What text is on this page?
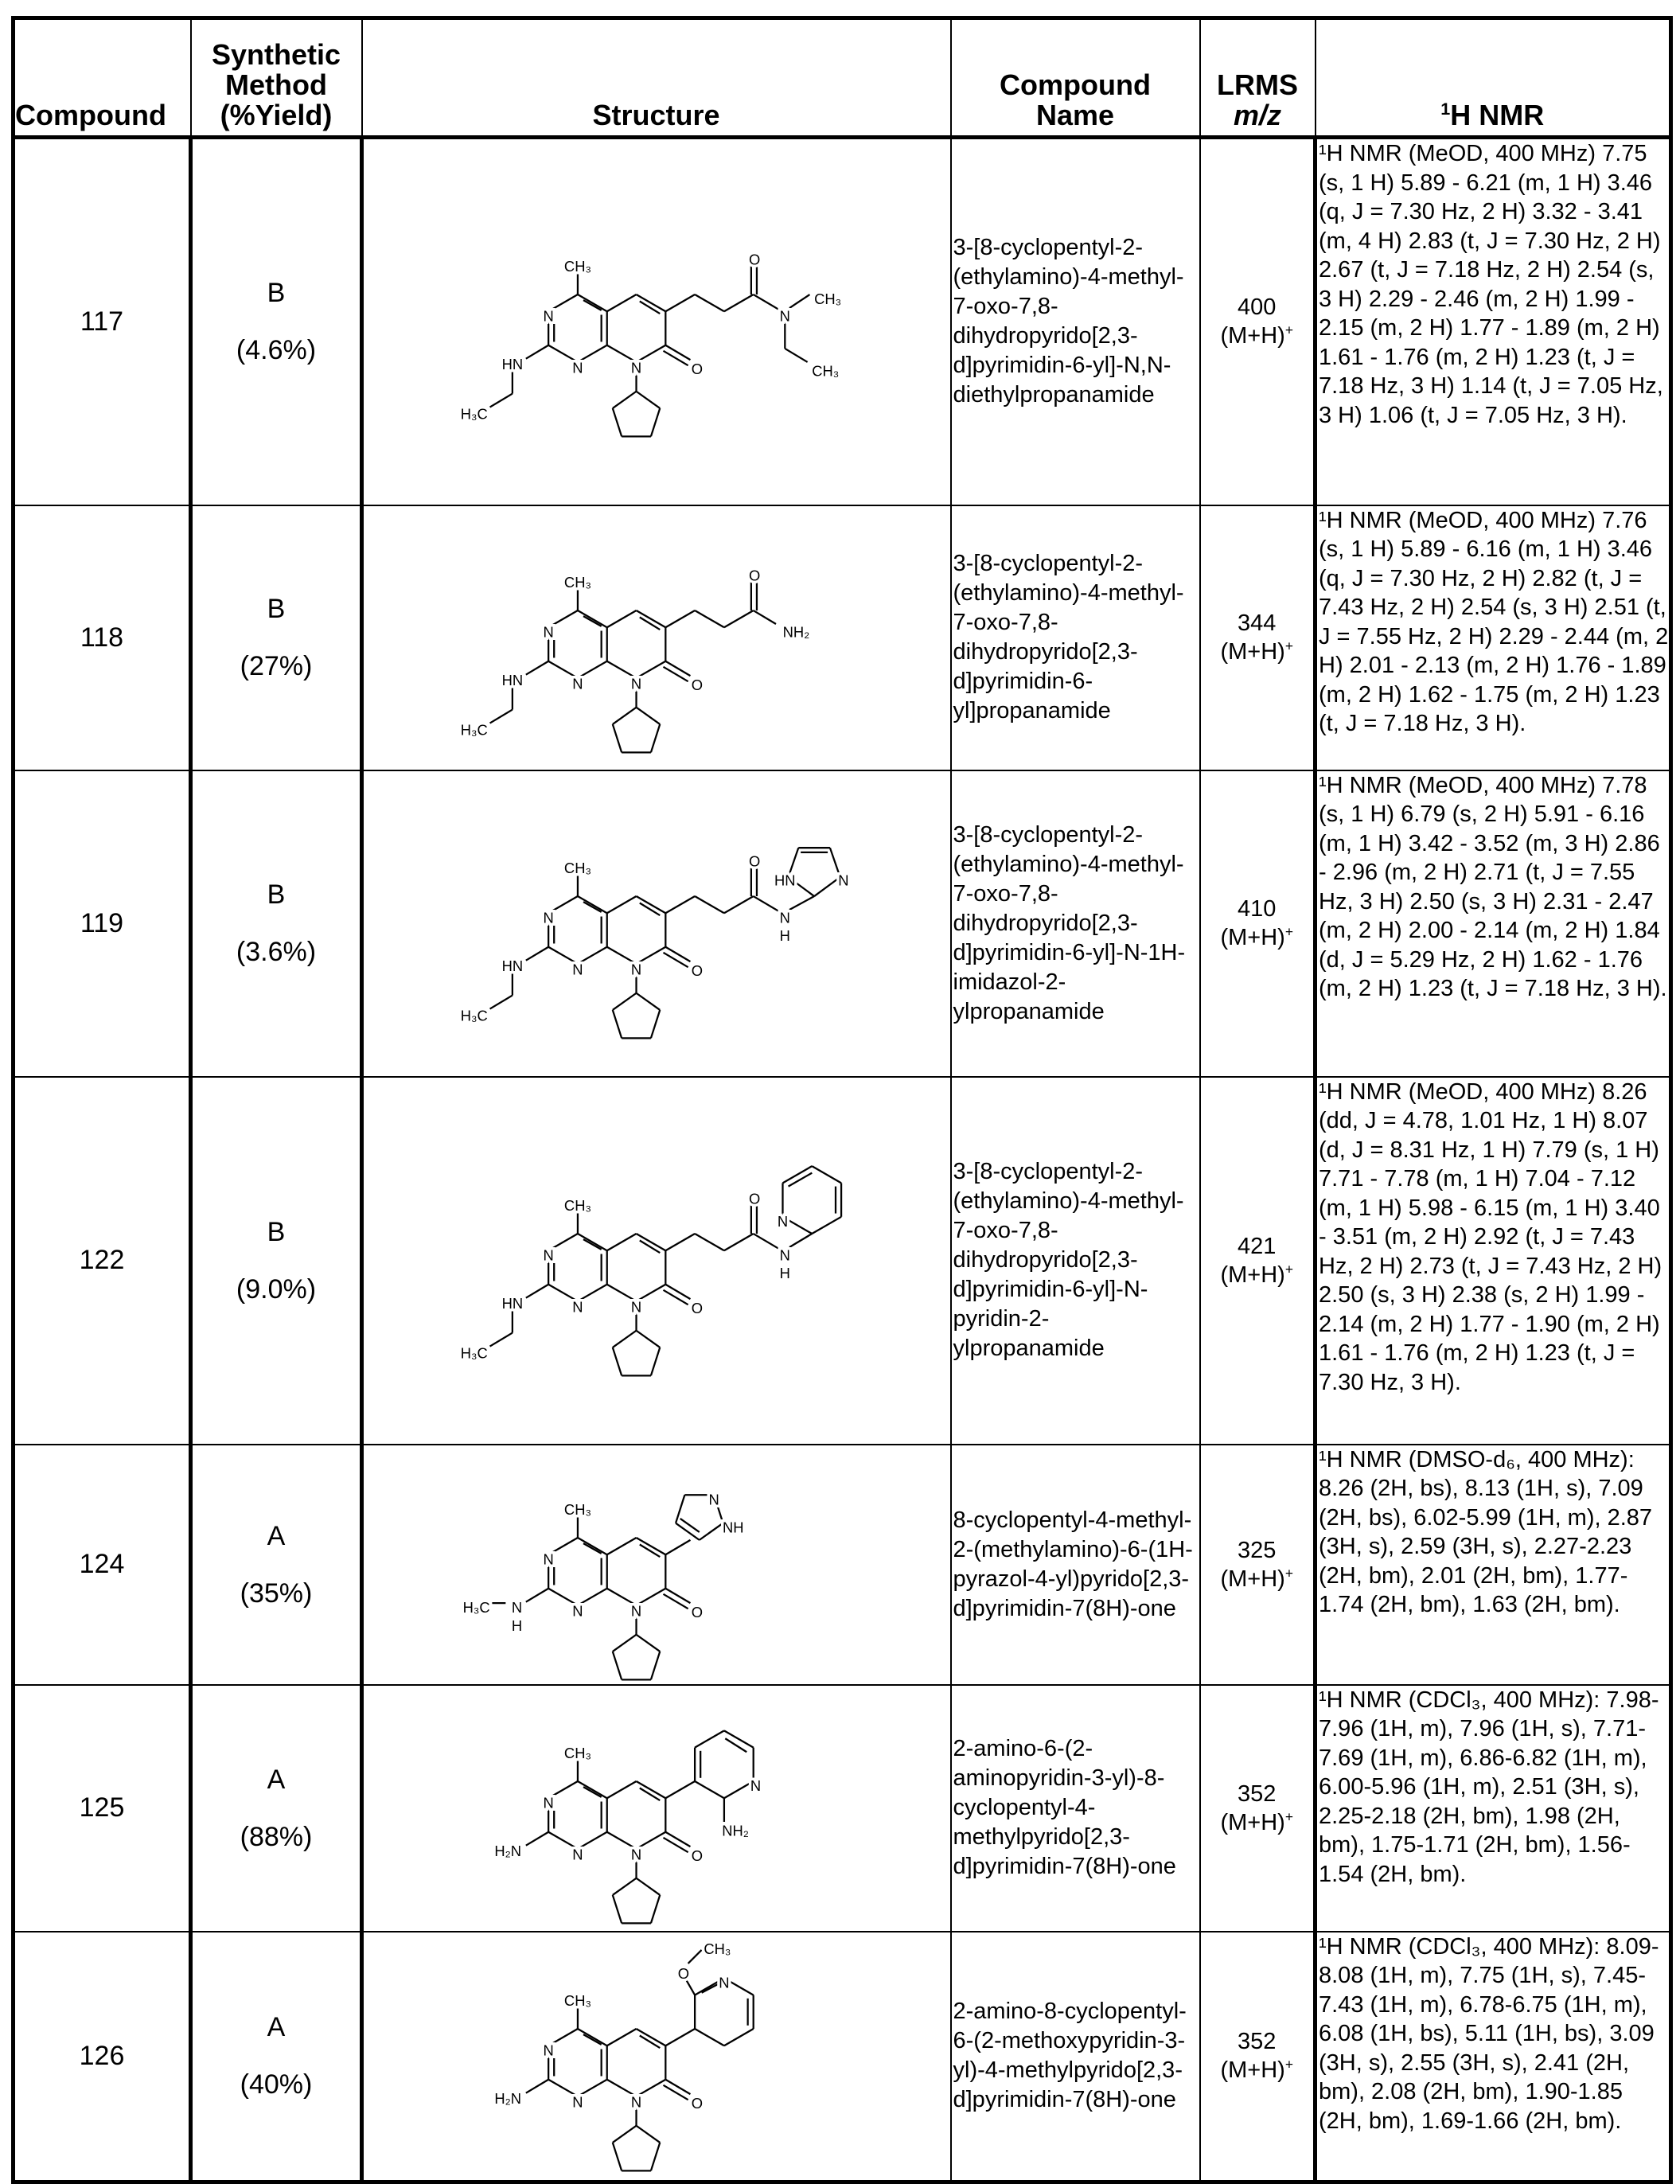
Compound	
Synthetic
Method
(%Yield)	Structure	
Compound
Name

LRMS
m/z	1H NMR
117	
B
(4.6%)

CH₃
N
N	N	O
HN
H₃C
O
N
CH₃
CH₃
	3-[8-cyclopentyl-2-(ethylamino)-4-methyl-7-oxo-7,8-dihydropyrido[2,3-d]pyrimidin-6-yl]-N,N-diethylpropanamide	
400
(M+H)+
	¹H NMR (MeOD, 400 MHz) 7.75 (s, 1 H) 5.89 - 6.21 (m, 1 H) 3.46 (q, J = 7.30 Hz, 2 H) 3.32 - 3.41 (m, 4 H) 2.83 (t, J = 7.30 Hz, 2 H) 2.67 (t, J = 7.18 Hz, 2 H) 2.54 (s, 3 H) 2.29 - 2.46 (m, 2 H) 1.99 - 2.15 (m, 2 H) 1.77 - 1.89 (m, 2 H) 1.61 - 1.76 (m, 2 H) 1.23 (t, J = 7.18 Hz, 3 H) 1.14 (t, J = 7.05 Hz, 3 H) 1.06 (t, J = 7.05 Hz, 3 H).
118	
B
(27%)

CH₃
N
N	N	O
HN
H₃C
O
NH₂
	3-[8-cyclopentyl-2-(ethylamino)-4-methyl-7-oxo-7,8-dihydropyrido[2,3-d]pyrimidin-6-yl]propanamide	
344
(M+H)+
	¹H NMR (MeOD, 400 MHz) 7.76 (s, 1 H) 5.89 - 6.16 (m, 1 H) 3.46 (q, J = 7.30 Hz, 2 H) 2.82 (t, J = 7.43 Hz, 2 H) 2.54 (s, 3 H) 2.51 (t, J = 7.55 Hz, 2 H) 2.29 - 2.44 (m, 2 H) 2.01 - 2.13 (m, 2 H) 1.76 - 1.89 (m, 2 H) 1.62 - 1.75 (m, 2 H) 1.23 (t, J = 7.18 Hz, 3 H).
119	
B
(3.6%)

CH₃
N
N	N	O
HN
H₃C
O
N
H
HN	N
	3-[8-cyclopentyl-2-(ethylamino)-4-methyl-7-oxo-7,8-dihydropyrido[2,3-d]pyrimidin-6-yl]-N-1H-imidazol-2-ylpropanamide	
410
(M+H)+
	¹H NMR (MeOD, 400 MHz) 7.78 (s, 1 H) 6.79 (s, 2 H) 5.91 - 6.16 (m, 1 H) 3.42 - 3.52 (m, 3 H) 2.86 - 2.96 (m, 2 H) 2.71 (t, J = 7.55 Hz, 3 H) 2.50 (s, 3 H) 2.31 - 2.47 (m, 2 H) 2.00 - 2.14 (m, 2 H) 1.84 (d, J = 5.29 Hz, 2 H) 1.62 - 1.76 (m, 2 H) 1.23 (t, J = 7.18 Hz, 3 H).
122	
B
(9.0%)

CH₃
N
N	N	O
HN
H₃C
O
N
H
N
	3-[8-cyclopentyl-2-(ethylamino)-4-methyl-7-oxo-7,8-dihydropyrido[2,3-d]pyrimidin-6-yl]-N-pyridin-2-ylpropanamide	
421
(M+H)+
	¹H NMR (MeOD, 400 MHz) 8.26 (dd, J = 4.78, 1.01 Hz, 1 H) 8.07 (d, J = 8.31 Hz, 1 H) 7.79 (s, 1 H) 7.71 - 7.78 (m, 1 H) 7.04 - 7.12 (m, 1 H) 5.98 - 6.15 (m, 1 H) 3.40 - 3.51 (m, 2 H) 2.92 (t, J = 7.43 Hz, 2 H) 2.73 (t, J = 7.43 Hz, 2 H) 2.50 (s, 3 H) 2.38 (s, 2 H) 1.99 - 2.14 (m, 2 H) 1.77 - 1.90 (m, 2 H) 1.61 - 1.76 (m, 2 H) 1.23 (t, J = 7.30 Hz, 3 H).
124	
A
(35%)

CH₃
N
N	N	O
N
H
H₃C
N
NH	8-cyclopentyl-4-methyl-2-(methylamino)-6-(1H-pyrazol-4-yl)pyrido[2,3-d]pyrimidin-7(8H)-one	
325
(M+H)+
	¹H NMR (DMSO-d₆, 400 MHz): 8.26 (2H, bs), 8.13 (1H, s), 7.09 (2H, bs), 6.02-5.99 (1H, m), 2.87 (3H, s), 2.59 (3H, s), 2.27-2.23 (2H, bm), 2.01 (2H, bm), 1.77-1.74 (2H, bm), 1.63 (2H, bm).
125	
A
(88%)

CH₃
N
N	N	O
H₂N
N
NH₂
	2-amino-6-(2-aminopyridin-3-yl)-8-cyclopentyl-4-methylpyrido[2,3-d]pyrimidin-7(8H)-one	
352
(M+H)+
	¹H NMR (CDCl₃, 400 MHz): 7.98-7.96 (1H, m), 7.96 (1H, s), 7.71-7.69 (1H, m), 6.86-6.82 (1H, m), 6.00-5.96 (1H, m), 2.51 (3H, s), 2.25-2.18 (2H, bm), 1.98 (2H, bm), 1.75-1.71 (2H, bm), 1.56-1.54 (2H, bm).
126	
A
(40%)

CH₃
N
N	N	O
H₂N
O
CH₃
N
	2-amino-8-cyclopentyl-6-(2-methoxypyridin-3-yl)-4-methylpyrido[2,3-d]pyrimidin-7(8H)-one	
352
(M+H)+
	¹H NMR (CDCl₃, 400 MHz): 8.09-8.08 (1H, m), 7.75 (1H, s), 7.45-7.43 (1H, m), 6.78-6.75 (1H, m), 6.08 (1H, bs), 5.11 (1H, bs), 3.09 (3H, s), 2.55 (3H, s), 2.41 (2H, bm), 2.08 (2H, bm), 1.90-1.85 (2H, bm), 1.69-1.66 (2H, bm).
